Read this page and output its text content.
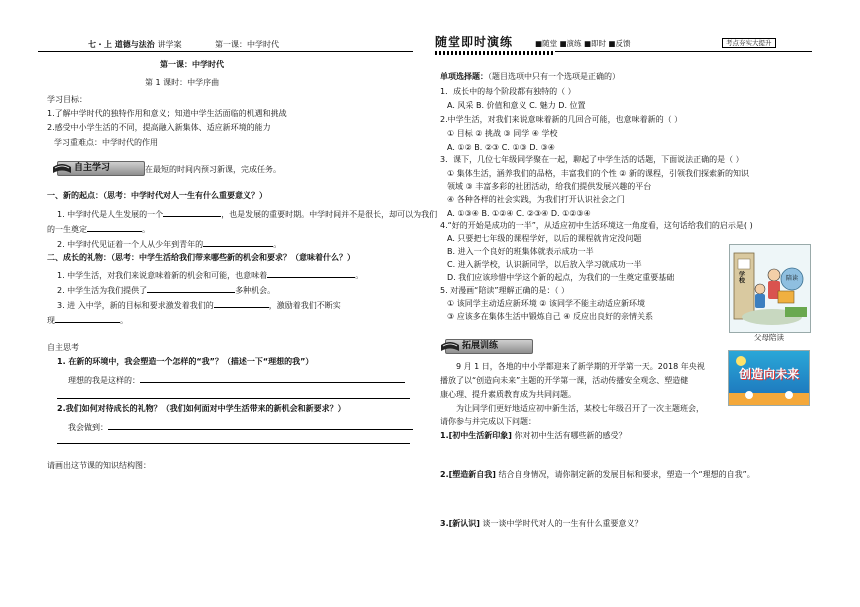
七・上 道德与法治 讲学案	第一课：中学时代	随堂即时演练	■随堂 ■演练 ■即时 ■反馈	考点夯实大提升
第一课：中学时代
第 1 课时：中学序曲
学习目标：
1.了解中学时代的独特作用和意义；知道中学生活面临的机遇和挑战
2.感受中小学生活的不同，提高融入新集体、适应新环境的能力
学习重难点：中学时代的作用
自主学习	在最短的时间内预习新课，完成任务。
一、新的起点：（思考：中学时代对人一生有什么重要意义？）
1. 中学时代是人生发展的一个	，也是发展的重要时期。中学时间并不是很长，却可以为我们
的一生奠定	。
2. 中学时代见证着一个人从少年到青年的	。
二、成长的礼物：（思考：中学生活给我们带来哪些新的机会和要求？（意味着什么？）
1. 中学生活，对我们来说意味着新的机会和可能，也意味着	。
2. 中学生活为我们提供了	多种机会。
3. 进 入中学，新的目标和要求激发着我们的	，激励着我们不断实
现	。
自主思考
1. 在新的环境中，我会塑造一个怎样的“我”？（描述一下“理想的我”）
理想的我是这样的：
2.我们如何对待成长的礼物？（我们如何面对中学生活带来的新机会和新要求？）
我会做到：
请画出这节课的知识结构图：
单项选择题：（题目选项中只有一个选项是正确的）
1．成长中的每个阶段都有独特的（ ）
A. 风采 B. 价值和意义 C. 魅力 D. 位置
2.中学生活，对我们来说意味着新的几回合可能，也意味着新的（ ）
① 目标 ② 挑战 ③ 同学 ④ 学校
A. ①② B. ②③ C. ①③ D. ③④
3．课下，几位七年级同学聚在一起，聊起了中学生活的话题，下面说法正确的是（ ）
① 集体生活，涵养我们的品格，丰富我们的个性 ② 新的课程，引领我们探索新的知识
领域 ③ 丰富多彩的社团活动，给我们提供发展兴趣的平台
④ 各种各样的社会实践，为我们打开认识社会之门
A. ①③④ B. ①②④ C. ②③④ D. ①②③④
4.“好的开始是成功的一半”，从适应初中生活环境这一角度看，这句话给我们的启示是( )
A. 只要把七年级的课程学好，以后的课程就肯定没问题
B. 进入一个良好的班集体就表示成功一半
C. 进入新学校，认识新同学，以后放入学习就成功一半
D. 我们应该珍惜中学这个新的起点，为我们的一生奠定重要基础
5. 对漫画“陪读”理解正确的是：（ ）
① 该同学主动适应新环境 ② 该同学不能主动适应新环境
③ 应该多在集体生活中锻炼自己 ④ 反应出良好的亲情关系
学校	陪读
父母陪读
拓展训练
9 月 1 日，各地的中小学都迎来了新学期的开学第一天。2018 年央视
播放了以“创造向未来”主题的开学第一课，活动传播安全观念、塑造健
康心理、提升素质教育成为共同问题。
为让同学们更好地适应初中新生活，某校七年级召开了一次主题班会，
请你参与并完成以下问题：
创造向未来
1.[初中生活新印象] 你对初中生活有哪些新的感受？
2.[塑造新自我] 结合自身情况，请你制定新的发展目标和要求，塑造一个“理想的自我”。
3.[新认识] 谈一谈中学时代对人的一生有什么重要意义？
